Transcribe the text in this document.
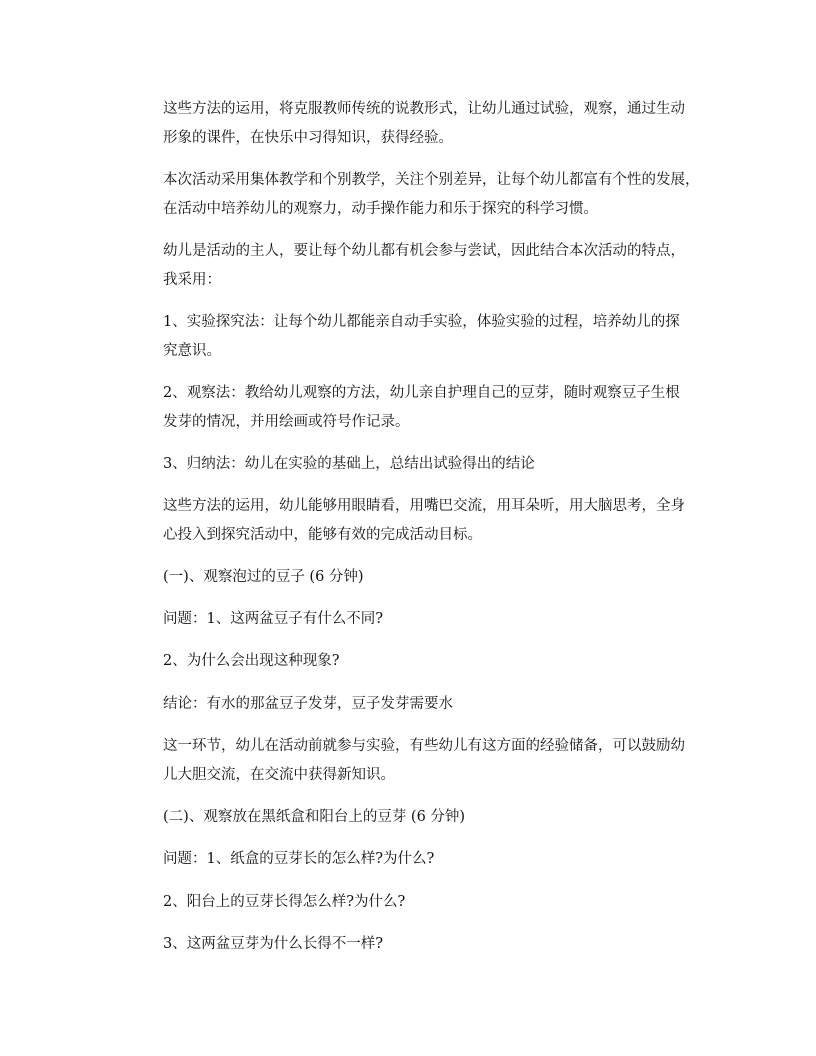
这些方法的运用，将克服教师传统的说教形式，让幼儿通过试验，观察，通过生动
形象的课件，在快乐中习得知识，获得经验。
本次活动采用集体教学和个别教学，关注个别差异，让每个幼儿都富有个性的发展，
在活动中培养幼儿的观察力，动手操作能力和乐于探究的科学习惯。
幼儿是活动的主人，要让每个幼儿都有机会参与尝试，因此结合本次活动的特点，
我采用：
1、实验探究法：让每个幼儿都能亲自动手实验，体验实验的过程，培养幼儿的探
究意识。
2、观察法：教给幼儿观察的方法，幼儿亲自护理自己的豆芽，随时观察豆子生根
发芽的情况，并用绘画或符号作记录。
3、归纳法：幼儿在实验的基础上，总结出试验得出的结论
这些方法的运用，幼儿能够用眼睛看，用嘴巴交流，用耳朵听，用大脑思考，全身
心投入到探究活动中，能够有效的完成活动目标。
(一)、观察泡过的豆子 (6 分钟)
问题：1、这两盆豆子有什么不同?
2、为什么会出现这种现象?
结论：有水的那盆豆子发芽，豆子发芽需要水
这一环节，幼儿在活动前就参与实验，有些幼儿有这方面的经验储备，可以鼓励幼
儿大胆交流，在交流中获得新知识。
(二)、观察放在黑纸盒和阳台上的豆芽 (6 分钟)
问题：1、纸盒的豆芽长的怎么样?为什么?
2、阳台上的豆芽长得怎么样?为什么?
3、这两盆豆芽为什么长得不一样?
